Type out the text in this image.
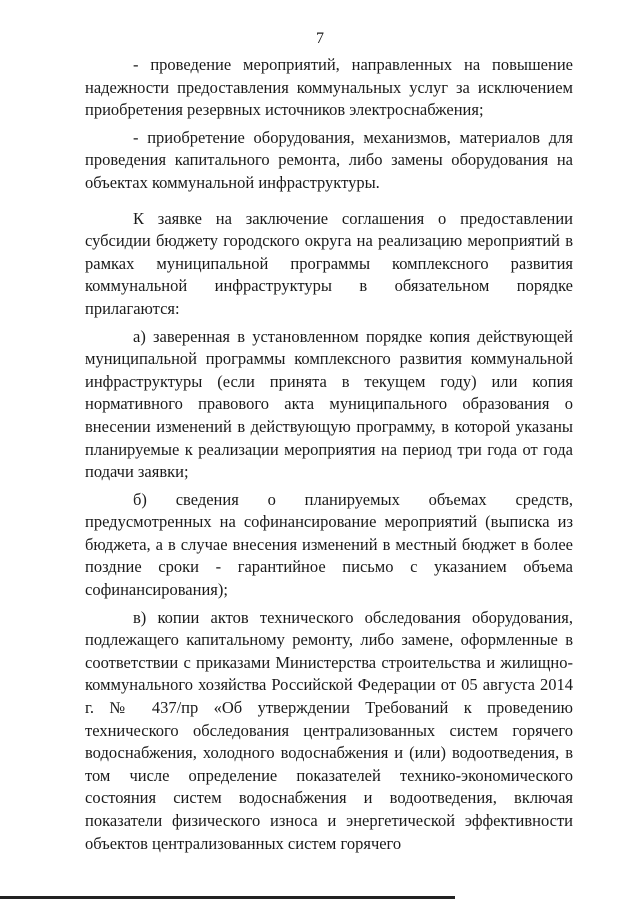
7

- проведение мероприятий, направленных на повышение надежности предоставления коммунальных услуг за исключением приобретения резервных источников электроснабжения;

- приобретение оборудования, механизмов, материалов для проведения капитального ремонта, либо замены оборудования на объектах коммунальной инфраструктуры.

К заявке на заключение соглашения о предоставлении субсидии бюджету городского округа на реализацию мероприятий в рамках муниципальной программы комплексного развития коммунальной инфраструктуры в обязательном порядке прилагаются:

а) заверенная в установленном порядке копия действующей муниципальной программы комплексного развития коммунальной инфраструктуры (если принята в текущем году) или копия нормативного правового акта муниципального образования о внесении изменений в действующую программу, в которой указаны планируемые к реализации мероприятия на период три года от года подачи заявки;

б) сведения о планируемых объемах средств, предусмотренных на софинансирование мероприятий (выписка из бюджета, а в случае внесения изменений в местный бюджет в более поздние сроки - гарантийное письмо с указанием объема софинансирования);

в) копии актов технического обследования оборудования, подлежащего капитальному ремонту, либо замене, оформленные в соответствии с приказами Министерства строительства и жилищно-коммунального хозяйства Российской Федерации от 05 августа 2014 г. № 437/пр «Об утверждении Требований к проведению технического обследования централизованных систем горячего водоснабжения, холодного водоснабжения и (или) водоотведения, в том числе определение показателей технико-экономического состояния систем водоснабжения и водоотведения, включая показатели физического износа и энергетической эффективности объектов централизованных систем горячего
